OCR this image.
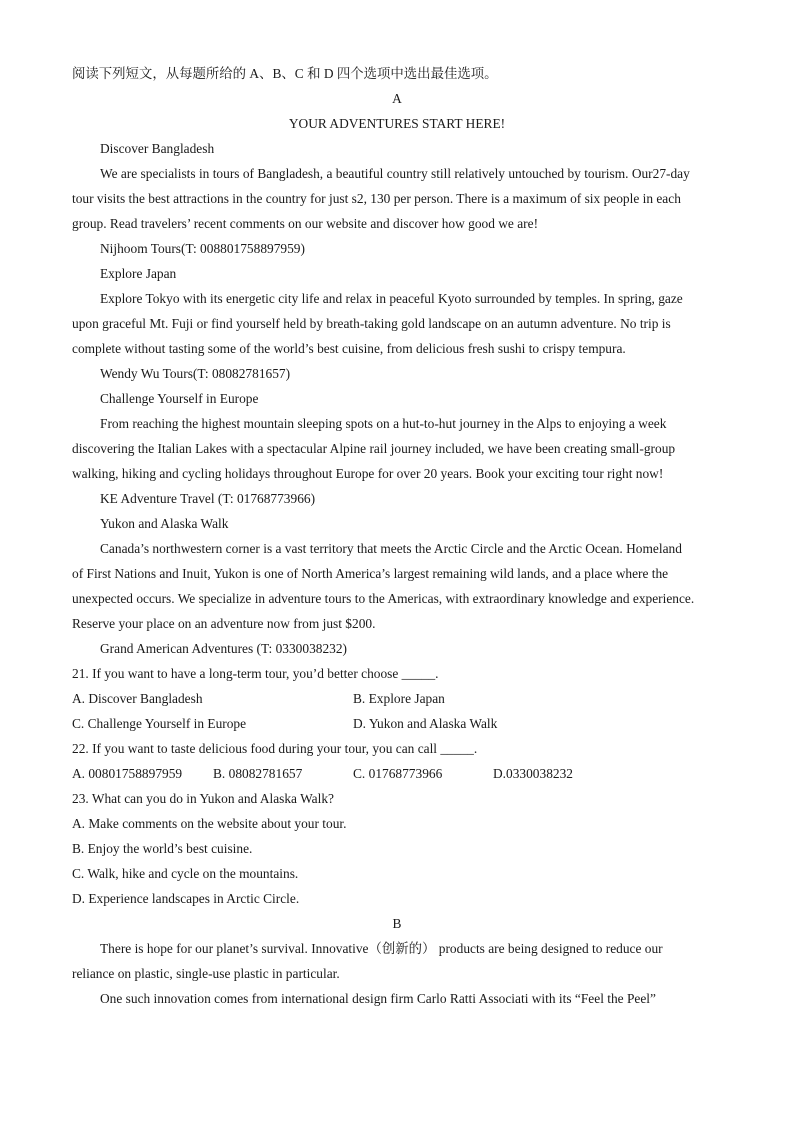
阅读下列短文，从每题所给的 A、B、C 和 D 四个选项中选出最佳选项。
A
YOUR ADVENTURES START HERE!
Discover Bangladesh
We are specialists in tours of Bangladesh, a beautiful country still relatively untouched by tourism. Our27-day
tour visits the best attractions in the country for just s2, 130 per person. There is a maximum of six people in each
group. Read travelers’ recent comments on our website and discover how good we are!
Nijhoom Tours(T: 008801758897959)
Explore Japan
Explore Tokyo with its energetic city life and relax in peaceful Kyoto surrounded by temples. In spring, gaze
upon graceful Mt. Fuji or find yourself held by breath-taking gold landscape on an autumn adventure. No trip is
complete without tasting some of the world’s best cuisine, from delicious fresh sushi to crispy tempura.
Wendy Wu Tours(T: 08082781657)
Challenge Yourself in Europe
From reaching the highest mountain sleeping spots on a hut-to-hut journey in the Alps to enjoying a week
discovering the Italian Lakes with a spectacular Alpine rail journey included, we have been creating small-group
walking, hiking and cycling holidays throughout Europe for over 20 years. Book your exciting tour right now!
KE Adventure Travel (T: 01768773966)
Yukon and Alaska Walk
Canada’s northwestern corner is a vast territory that meets the Arctic Circle and the Arctic Ocean. Homeland
of First Nations and Inuit, Yukon is one of North America’s largest remaining wild lands, and a place where the
unexpected occurs. We specialize in adventure tours to the Americas, with extraordinary knowledge and experience.
Reserve your place on an adventure now from just $200.
Grand American Adventures (T: 0330038232)
21. If you want to have a long-term tour, you’d better choose _____.
A. Discover Bangladesh	B. Explore Japan
C. Challenge Yourself in Europe	D. Yukon and Alaska Walk
22. If you want to taste delicious food during your tour, you can call _____.
A. 00801758897959 B. 08082781657	C. 01768773966	D.0330038232
23. What can you do in Yukon and Alaska Walk?
A. Make comments on the website about your tour.
B. Enjoy the world’s best cuisine.
C. Walk, hike and cycle on the mountains.
D. Experience landscapes in Arctic Circle.
B
There is hope for our planet’s survival. Innovative（创新的） products are being designed to reduce our
reliance on plastic, single-use plastic in particular.
One such innovation comes from international design firm Carlo Ratti Associati with its “Feel the Peel”
